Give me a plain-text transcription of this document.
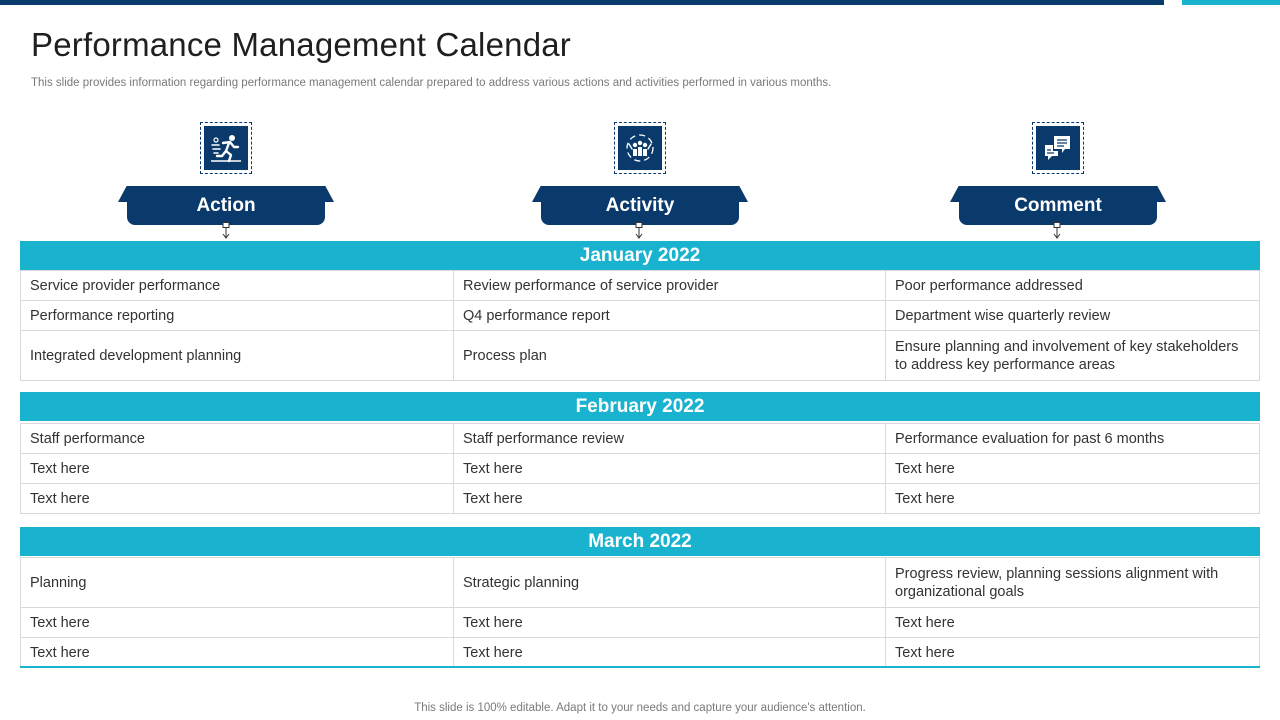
Performance Management Calendar
This slide provides information regarding performance management calendar prepared to address various actions and activities performed in various months.
Action	Activity	Comment
January 2022
Service provider performance	Review performance of service provider	Poor performance addressed
Performance reporting	Q4 performance report	Department wise quarterly review
Integrated development planning	Process plan	Ensure planning and involvement of key stakeholders to address key performance areas
February 2022
Staff performance	Staff performance review	Performance evaluation for past 6 months
Text here	Text here	Text here
Text here	Text here	Text here
March 2022
Planning	Strategic planning	Progress review, planning sessions alignment with organizational goals
Text here	Text here	Text here
Text here	Text here	Text here
This slide is 100% editable. Adapt it to your needs and capture your audience's attention.
